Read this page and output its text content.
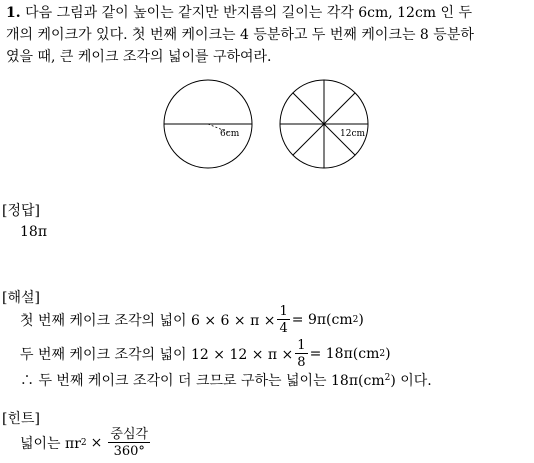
1. 다음 그림과 같이 높이는 같지만 반지름의 길이는 각각 6cm, 12cm 인 두
개의 케이크가 있다. 첫 번째 케이크는 4 등분하고 두 번째 케이크는 8 등분하
였을 때, 큰 케이크 조각의 넓이를 구하여라.
6cm	12cm
[정답]
18π
[해설]
첫 번째 케이크 조각의 넓이 $6 \times 6 \times \pi \times \frac{1}{4} = 9\pi(cm$ 2 )
두 번째 케이크 조각의 넓이 $12 \times 12 \times \pi \times \frac{1}{8} = 18\pi(cm$ 2 )
∴ 두 번째 케이크 조각이 더 크므로 구하는 넓이는 $18\pi(cm^2)$ 이다.
[힌트]
넓이는 πr $2 \times \frac{\text{중심각}}{360^\circ}$
